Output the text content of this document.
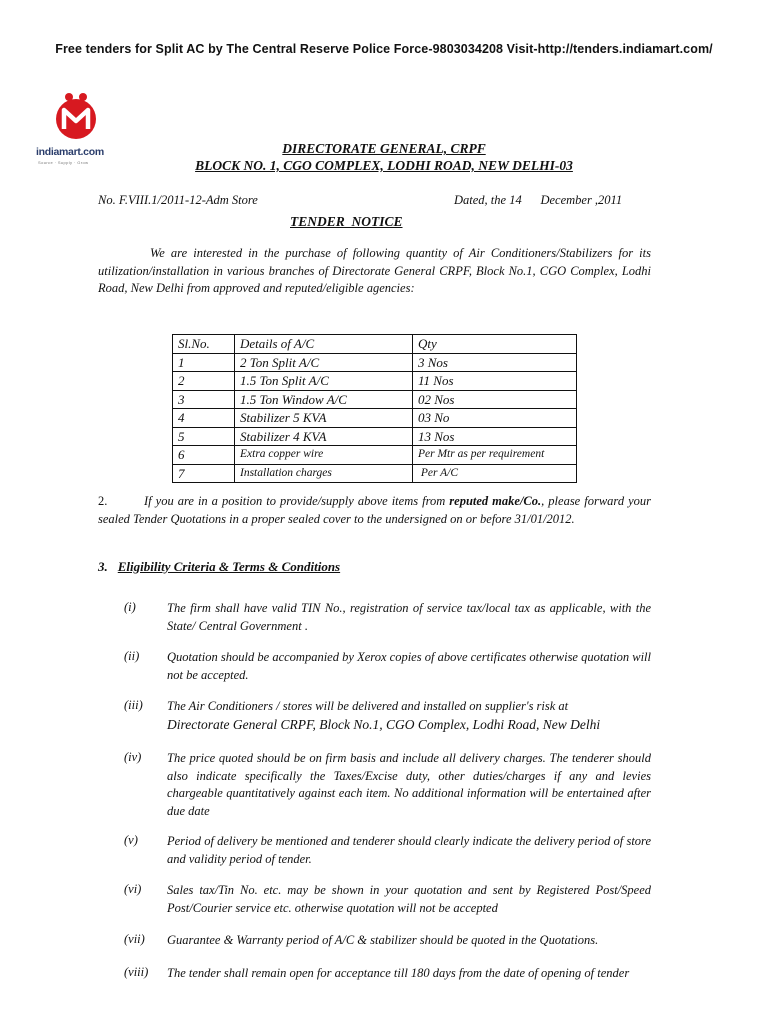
Free tenders for Split AC by The Central Reserve Police Force-9803034208 Visit-http://tenders.indiamart.com/
indiamart.com
Source · Supply · Grow
DIRECTORATE GENERAL, CRPF
BLOCK NO. 1, CGO COMPLEX, LODHI ROAD, NEW DELHI-03
No. F.VIII.1/2011-12-Adm Store	Dated, the 14      December ,2011
TENDER  NOTICE
We are interested in the purchase of following quantity of Air Conditioners/Stabilizers for its utilization/installation in various branches of Directorate General CRPF, Block No.1, CGO Complex, Lodhi Road, New Delhi from approved and reputed/eligible agencies:
Sl.No.	Details of A/C	Qty
1	2 Ton Split A/C	3 Nos
2	1.5 Ton Split A/C	11 Nos
3	1.5 Ton Window A/C	02 Nos
4	Stabilizer 5 KVA	03 No
5	Stabilizer 4 KVA	13 Nos
6	Extra copper wire	Per Mtr as per requirement
7	Installation charges	Per A/C
2.	If you are in a position to provide/supply above items from reputed make/Co., please forward your sealed Tender Quotations in a proper sealed cover to the undersigned on or before 31/01/2012.
3. Eligibility Criteria & Terms & Conditions
(i) The firm shall have valid TIN No., registration of service tax/local tax as applicable, with the State/ Central Government .
(ii) Quotation should be accompanied by Xerox copies of above certificates otherwise quotation will not be accepted.
(iii) The Air Conditioners / stores will be delivered and installed on supplier's risk at
Directorate General CRPF, Block No.1, CGO Complex, Lodhi Road, New Delhi
(iv) The price quoted should be on firm basis and include all delivery charges. The tenderer should also indicate specifically the Taxes/Excise duty, other duties/charges if any and levies chargeable quantitatively against each item. No additional information will be entertained after due date
(v) Period of delivery be mentioned and tenderer should clearly indicate the delivery period of store and validity period of tender.
(vi) Sales tax/Tin No. etc. may be shown in your quotation and sent by Registered Post/Speed Post/Courier service etc. otherwise quotation will not be accepted
(vii) Guarantee & Warranty period of A/C & stabilizer should be quoted in the Quotations.
(viii) The tender shall remain open for acceptance till 180 days from the date of opening of tender
